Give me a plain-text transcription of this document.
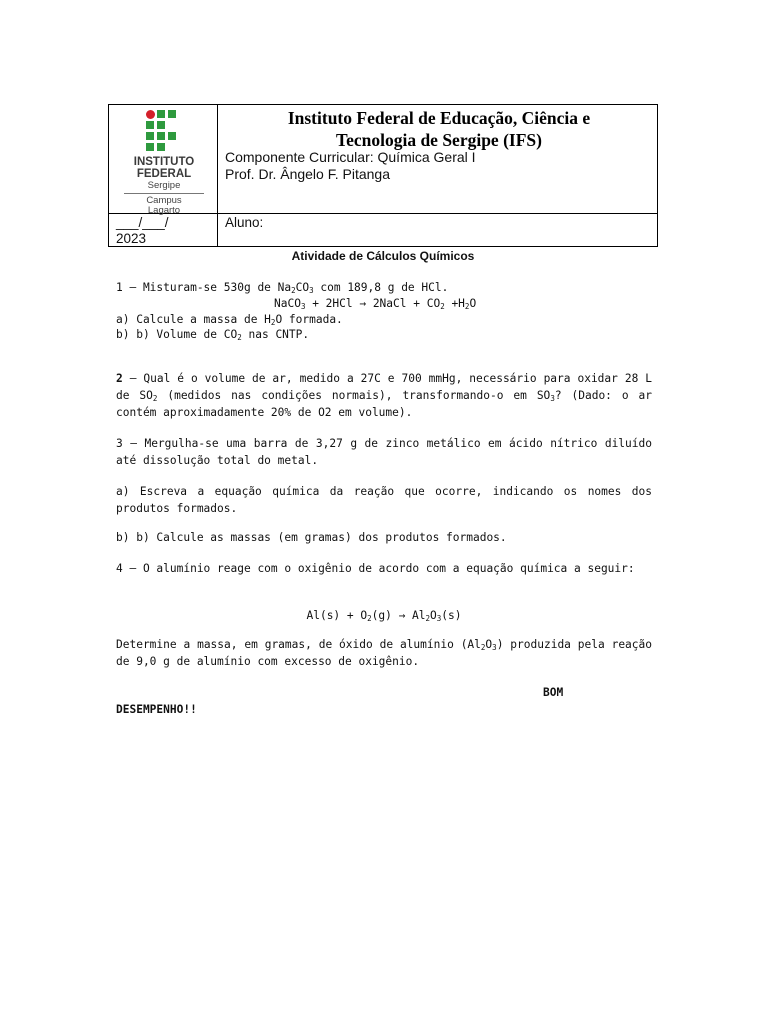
INSTITUTO
FEDERAL
Sergipe
Campus
Lagarto
Instituto Federal de Educação, Ciência e
Tecnologia de Sergipe (IFS)
Componente Curricular: Química Geral I
Prof. Dr. Ângelo F. Pitanga
___/___/
2023
Aluno:
Atividade de Cálculos Químicos
1 – Misturam-se 530g de $Na_2CO_3$ com 189,8 g de HCl.
NaCO$_3$ + 2HCl → 2NaCl + $CO_2 +H_2O$
a) Calcule a massa de $H_2O$ formada.
b) b) Volume de $CO_2$ nas CNTP.
2 – Qual é o volume de ar, medido a 27C e 700 mmHg, necessário para oxidar 28 L de $SO_2$ (medidos nas condições normais), transformando-o em $SO_3$? (Dado: o ar contém aproximadamente 20% de O2 em volume).
3 – Mergulha-se uma barra de 3,27 g de zinco metálico em ácido nítrico diluído até dissolução total do metal.
a) Escreva a equação química da reação que ocorre, indicando os nomes dos produtos formados.
b) b) Calcule as massas (em gramas) dos produtos formados.
4 – O alumínio reage com o oxigênio de acordo com a equação química a seguir:
$Al(s) + O_2(g) \to Al_2O_3(s)$
Determine a massa, em gramas, de óxido de alumínio $(Al_2O_3)$ produzida pela reação de 9,0 g de alumínio com excesso de oxigênio.
BOM
DESEMPENHO!!
